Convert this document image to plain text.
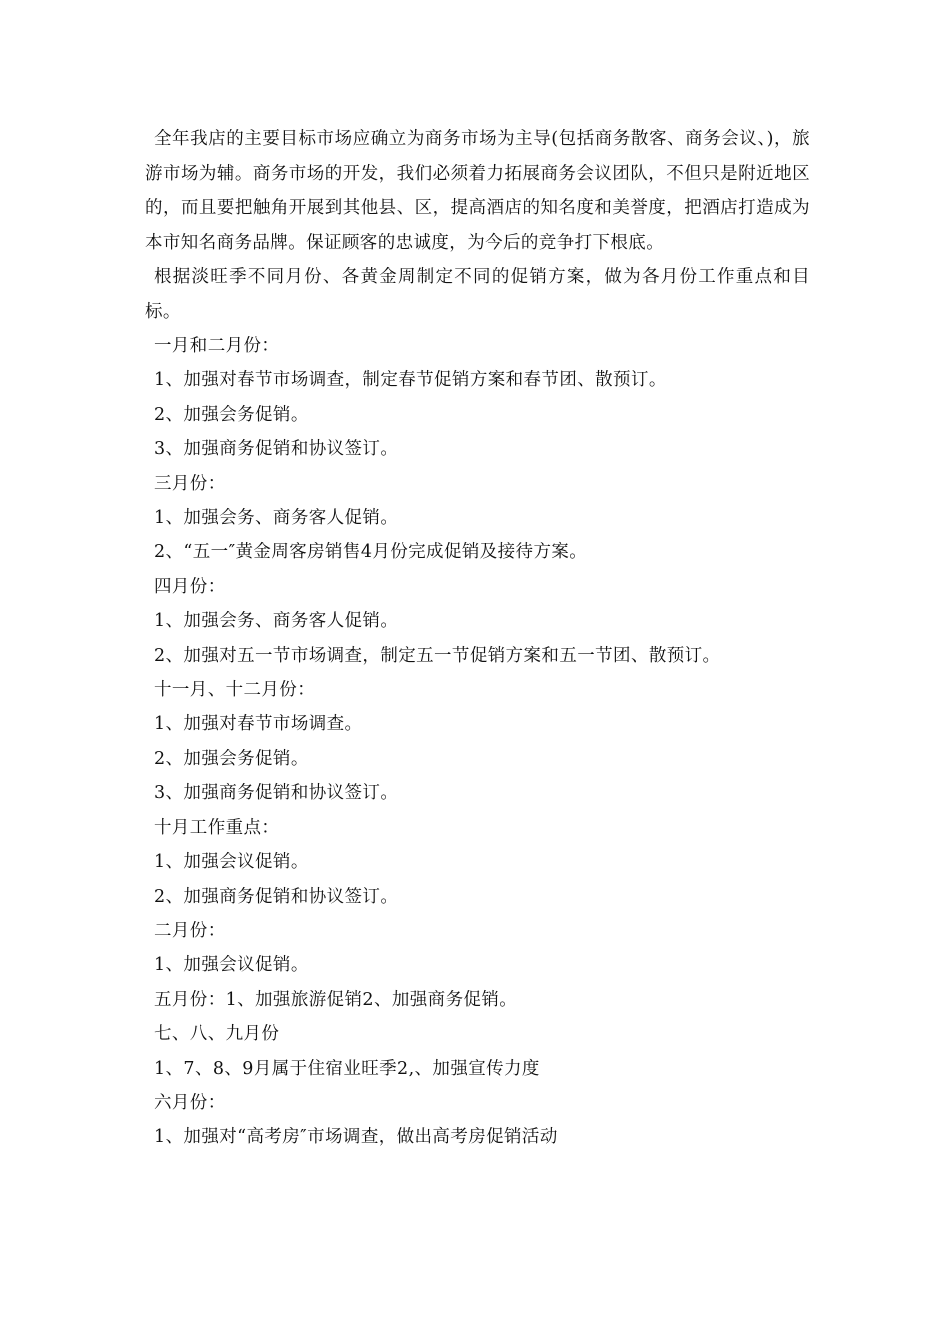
全年我店的主要目标市场应确立为商务市场为主导(包括商务散客、商务会议、)，旅游市场为辅。商务市场的开发，我们必须着力拓展商务会议团队，不但只是附近地区的，而且要把触角开展到其他县、区，提高酒店的知名度和美誉度，把酒店打造成为本市知名商务品牌。保证顾客的忠诚度，为今后的竞争打下根底。

根据淡旺季不同月份、各黄金周制定不同的促销方案，做为各月份工作重点和目标。

一月和二月份：

1、加强对春节市场调查，制定春节促销方案和春节团、散预订。

2、加强会务促销。

3、加强商务促销和协议签订。

三月份：

1、加强会务、商务客人促销。

2、“五一″黄金周客房销售4月份完成促销及接待方案。

四月份：

1、加强会务、商务客人促销。

2、加强对五一节市场调查，制定五一节促销方案和五一节团、散预订。

十一月、十二月份：

1、加强对春节市场调查。

2、加强会务促销。

3、加强商务促销和协议签订。

十月工作重点：

1、加强会议促销。

2、加强商务促销和协议签订。

二月份：

1、加强会议促销。

五月份：1、加强旅游促销2、加强商务促销。

七、八、九月份

1、7、8、9月属于住宿业旺季2,、加强宣传力度

六月份：

1、加强对“高考房″市场调查，做出高考房促销活动
